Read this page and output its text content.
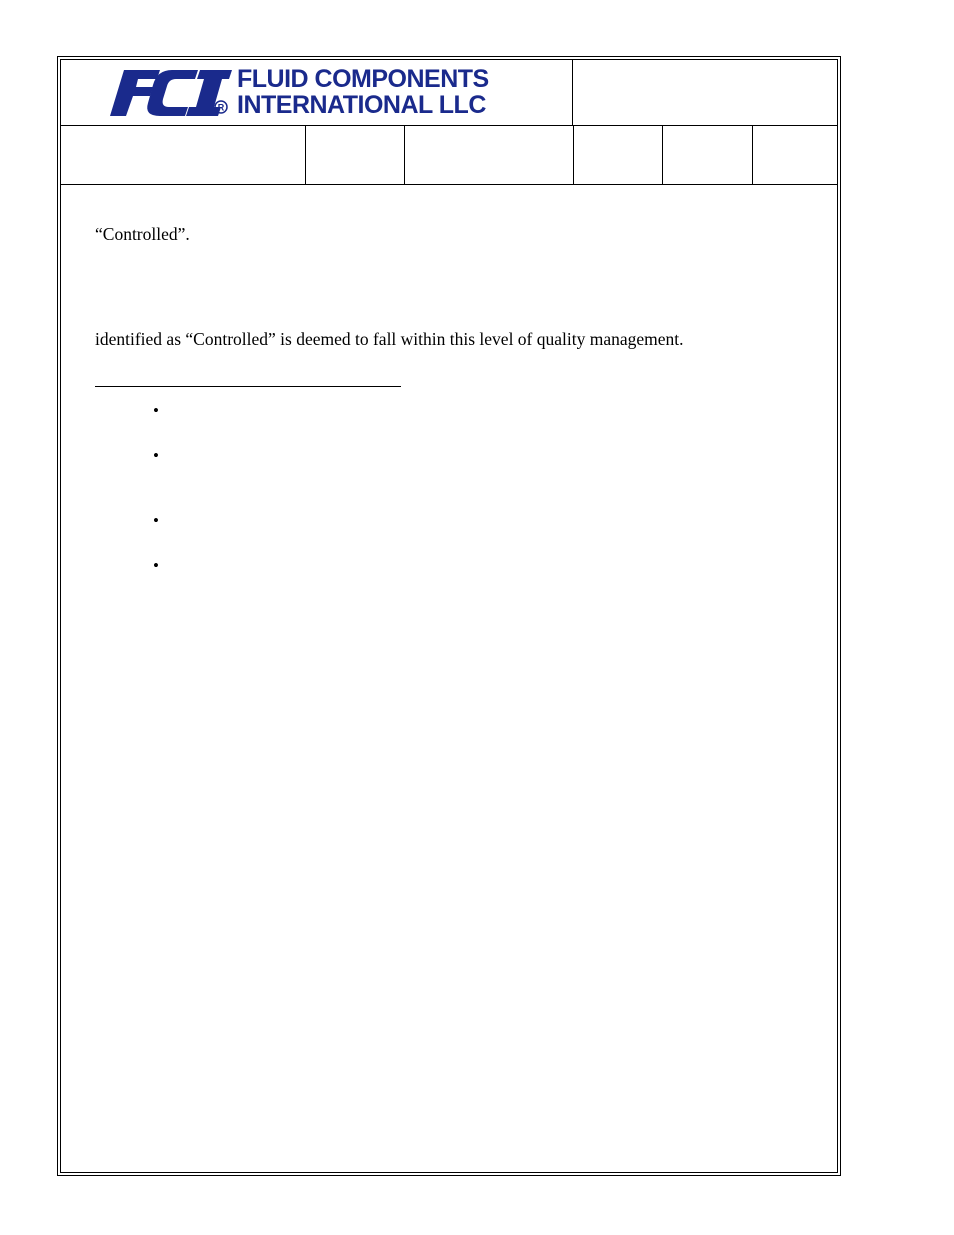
R
FLUID COMPONENTS
INTERNATIONAL LLC
“Controlled”.
identified as “Controlled” is deemed to fall within this level of quality management.
•
•
•
•
